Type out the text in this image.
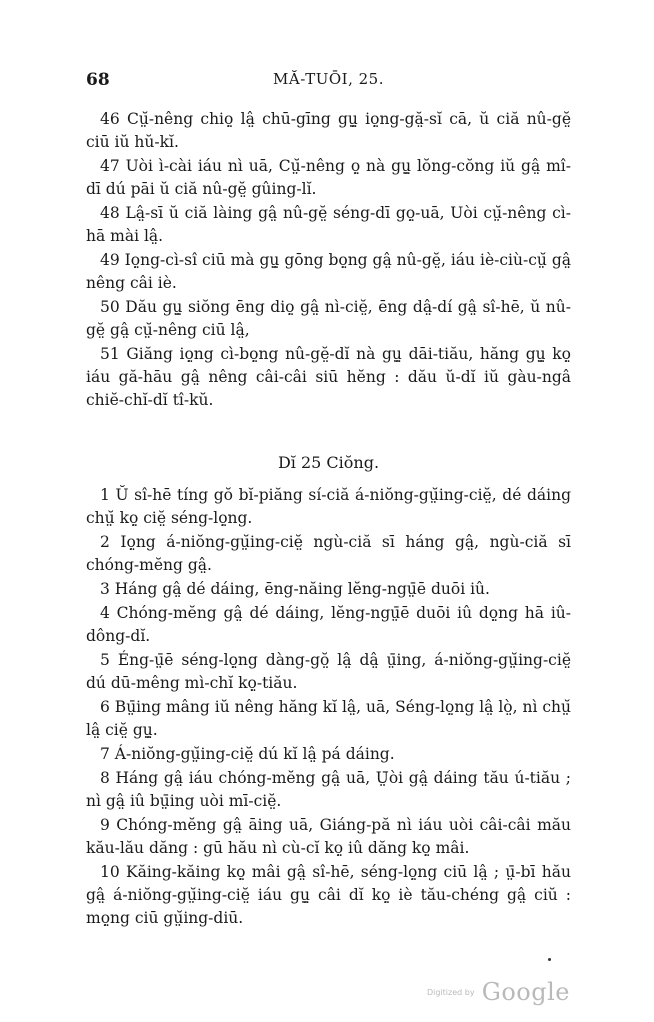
68	MĂ-TUŌI, 25.

46 Cṳ̆-nêng chiọ̤ lâ̤ chū-gīng gṳ̤ iọ̤ng-gă̤-sĭ cā, ŭ ciă nû-gĕ̤ ciū iŭ hŭ-kĭ.

47 Uòi ì-cài iáu nì uā, Cṳ̆-nêng ọ̤ nà gṳ̤ lŏng-cŏng iŭ gâ̤ mî-dī dú pāi ŭ ciă nû-gĕ̤ gûing-lĭ.

48 Lâ̤-sī ŭ ciă làing gâ̤ nû-gĕ̤ séng-dī gọ̤-uā, Uòi cṳ̆-nêng cì-hā mài lâ̤.

49 Iọ̤ng-cì-sî ciū mà gṳ̤ gōng bọ̤ng gâ̤ nû-gĕ̤, iáu iè-ciù-cṳ̆ gâ̤ nêng câi iè.

50 Dău gṳ̤ siŏng ēng diọ̤ gâ̤ nì-ciĕ̤, ēng dâ̤-dí gâ̤ sî-hē, ŭ nû-gĕ̤ gâ̤ cṳ̆-nêng ciū lâ̤,

51 Giăng iọ̤ng cì-bọ̤ng nû-gĕ̤-dĭ nà gṳ̤ dāi-tiău, hăng gṳ̤ kọ̤ iáu gă-hāu gâ̤ nêng câi-câi siū hĕng : dău ŭ-dĭ iŭ gàu-ngâ chiĕ-chĭ-dĭ tî-kŭ.

Dĭ 25 Ciŏng.

1 Ŭ sî-hē tíng gŏ bĭ-piăng sí-ciă á-niŏng-gṳ̆ing-ciĕ̤, dé dáing chṳ̆ kọ̤ ciĕ̤ séng-lọ̤ng.

2 Iọ̤ng á-niŏng-gṳ̆ing-ciĕ̤ ngù-ciă sī háng gâ̤, ngù-ciă sī chóng-mĕng gâ̤.

3 Háng gâ̤ dé dáing, ēng-năing lĕng-ngṳ̄ē duōi iû.

4 Chóng-mĕng gâ̤ dé dáing, lĕng-ngṳ̄ē duōi iû dọ̤ng hā iû-dông-dĭ.

5 Éng-ṳ̄ē séng-lọ̤ng dàng-gŏ̤ lâ̤ dâ̤ ṳ̄ing, á-niŏng-gṳ̆ing-ciĕ̤ dú dū-mêng mì-chĭ kọ̤-tiău.

6 Bṳ̄ing mâng iŭ nêng hăng kĭ lâ̤, uā, Séng-lọ̤ng lâ̤ lò̤, nì chṳ̆ lâ̤ ciĕ̤ gṳ̤.

7 Á-niŏng-gṳ̆ing-ciĕ̤ dú kĭ lâ̤ pá dáing.

8 Háng gâ̤ iáu chóng-mĕng gâ̤ uā, Ṳ̄òi gâ̤ dáing tău ú-tiău ; nì gâ̤ iû bṳ̄ing uòi mī-ciĕ̤.

9 Chóng-mĕng gâ̤ āing uā, Giáng-pă nì iáu uòi câi-câi mău kău-lău dăng : gū hău nì cù-cĭ kọ̤ iû dăng kọ̤ mâi.

10 Kăing-kăing kọ̤ mâi gâ̤ sî-hē, séng-lọ̤ng ciū lâ̤ ; ṳ̄-bī hău gâ̤ á-niŏng-gṳ̆ing-ciĕ̤ iáu gṳ̤ câi dĭ kọ̤ iè tău-chéng gâ̤ ciŭ : mọ̤ng ciū gṳ̆ing-diū.

Digitized by Google
